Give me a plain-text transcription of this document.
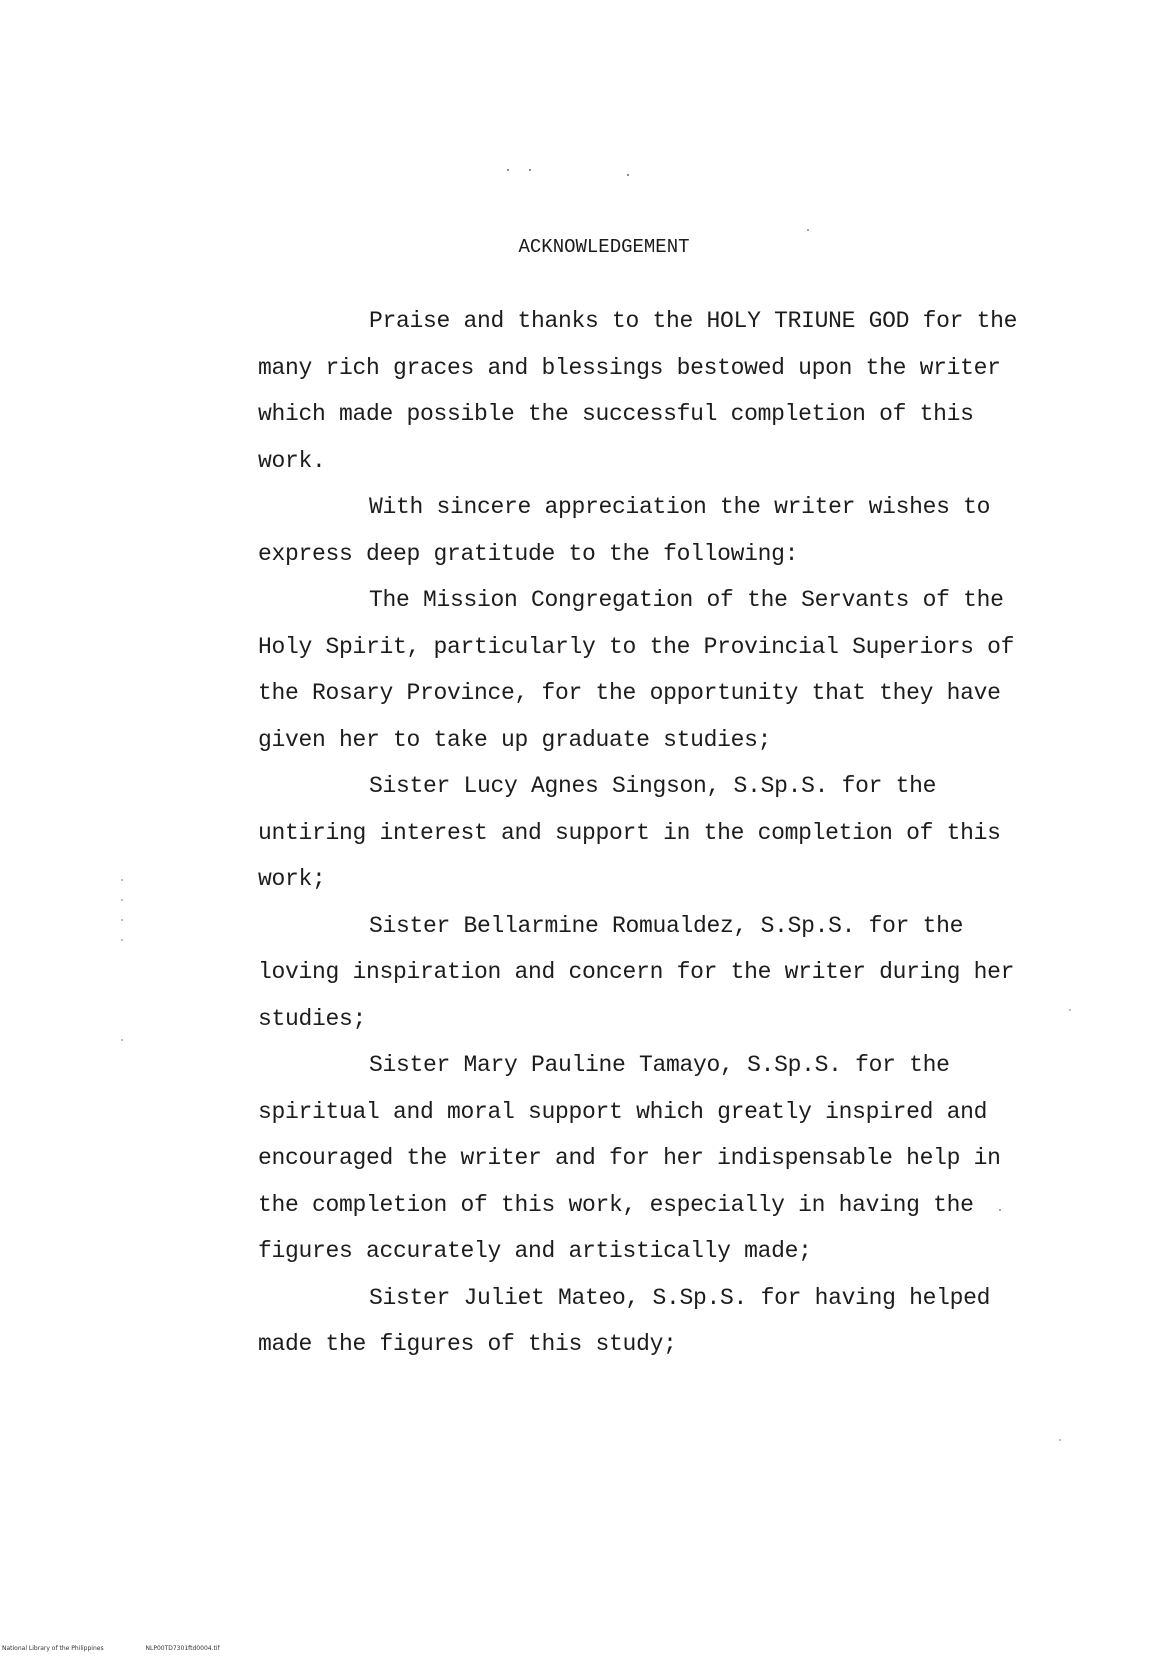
ACKNOWLEDGEMENT

Praise and thanks to the HOLY TRIUNE GOD for the many rich graces and blessings bestowed upon the writer which made possible the successful completion of this work.

With sincere appreciation the writer wishes to express deep gratitude to the following:

The Mission Congregation of the Servants of the Holy Spirit, particularly to the Provincial Superiors of the Rosary Province, for the opportunity that they have given her to take up graduate studies;

Sister Lucy Agnes Singson, S.Sp.S. for the untiring interest and support in the completion of this work;

Sister Bellarmine Romualdez, S.Sp.S. for the loving inspiration and concern for the writer during her studies;

Sister Mary Pauline Tamayo, S.Sp.S. for the spiritual and moral support which greatly inspired and encouraged the writer and for her indispensable help in the completion of this work, especially in having the figures accurately and artistically made;

Sister Juliet Mateo, S.Sp.S. for having helped made the figures of this study;

National Library of the Philippines	NLP00TD7301ftd0004.tif
